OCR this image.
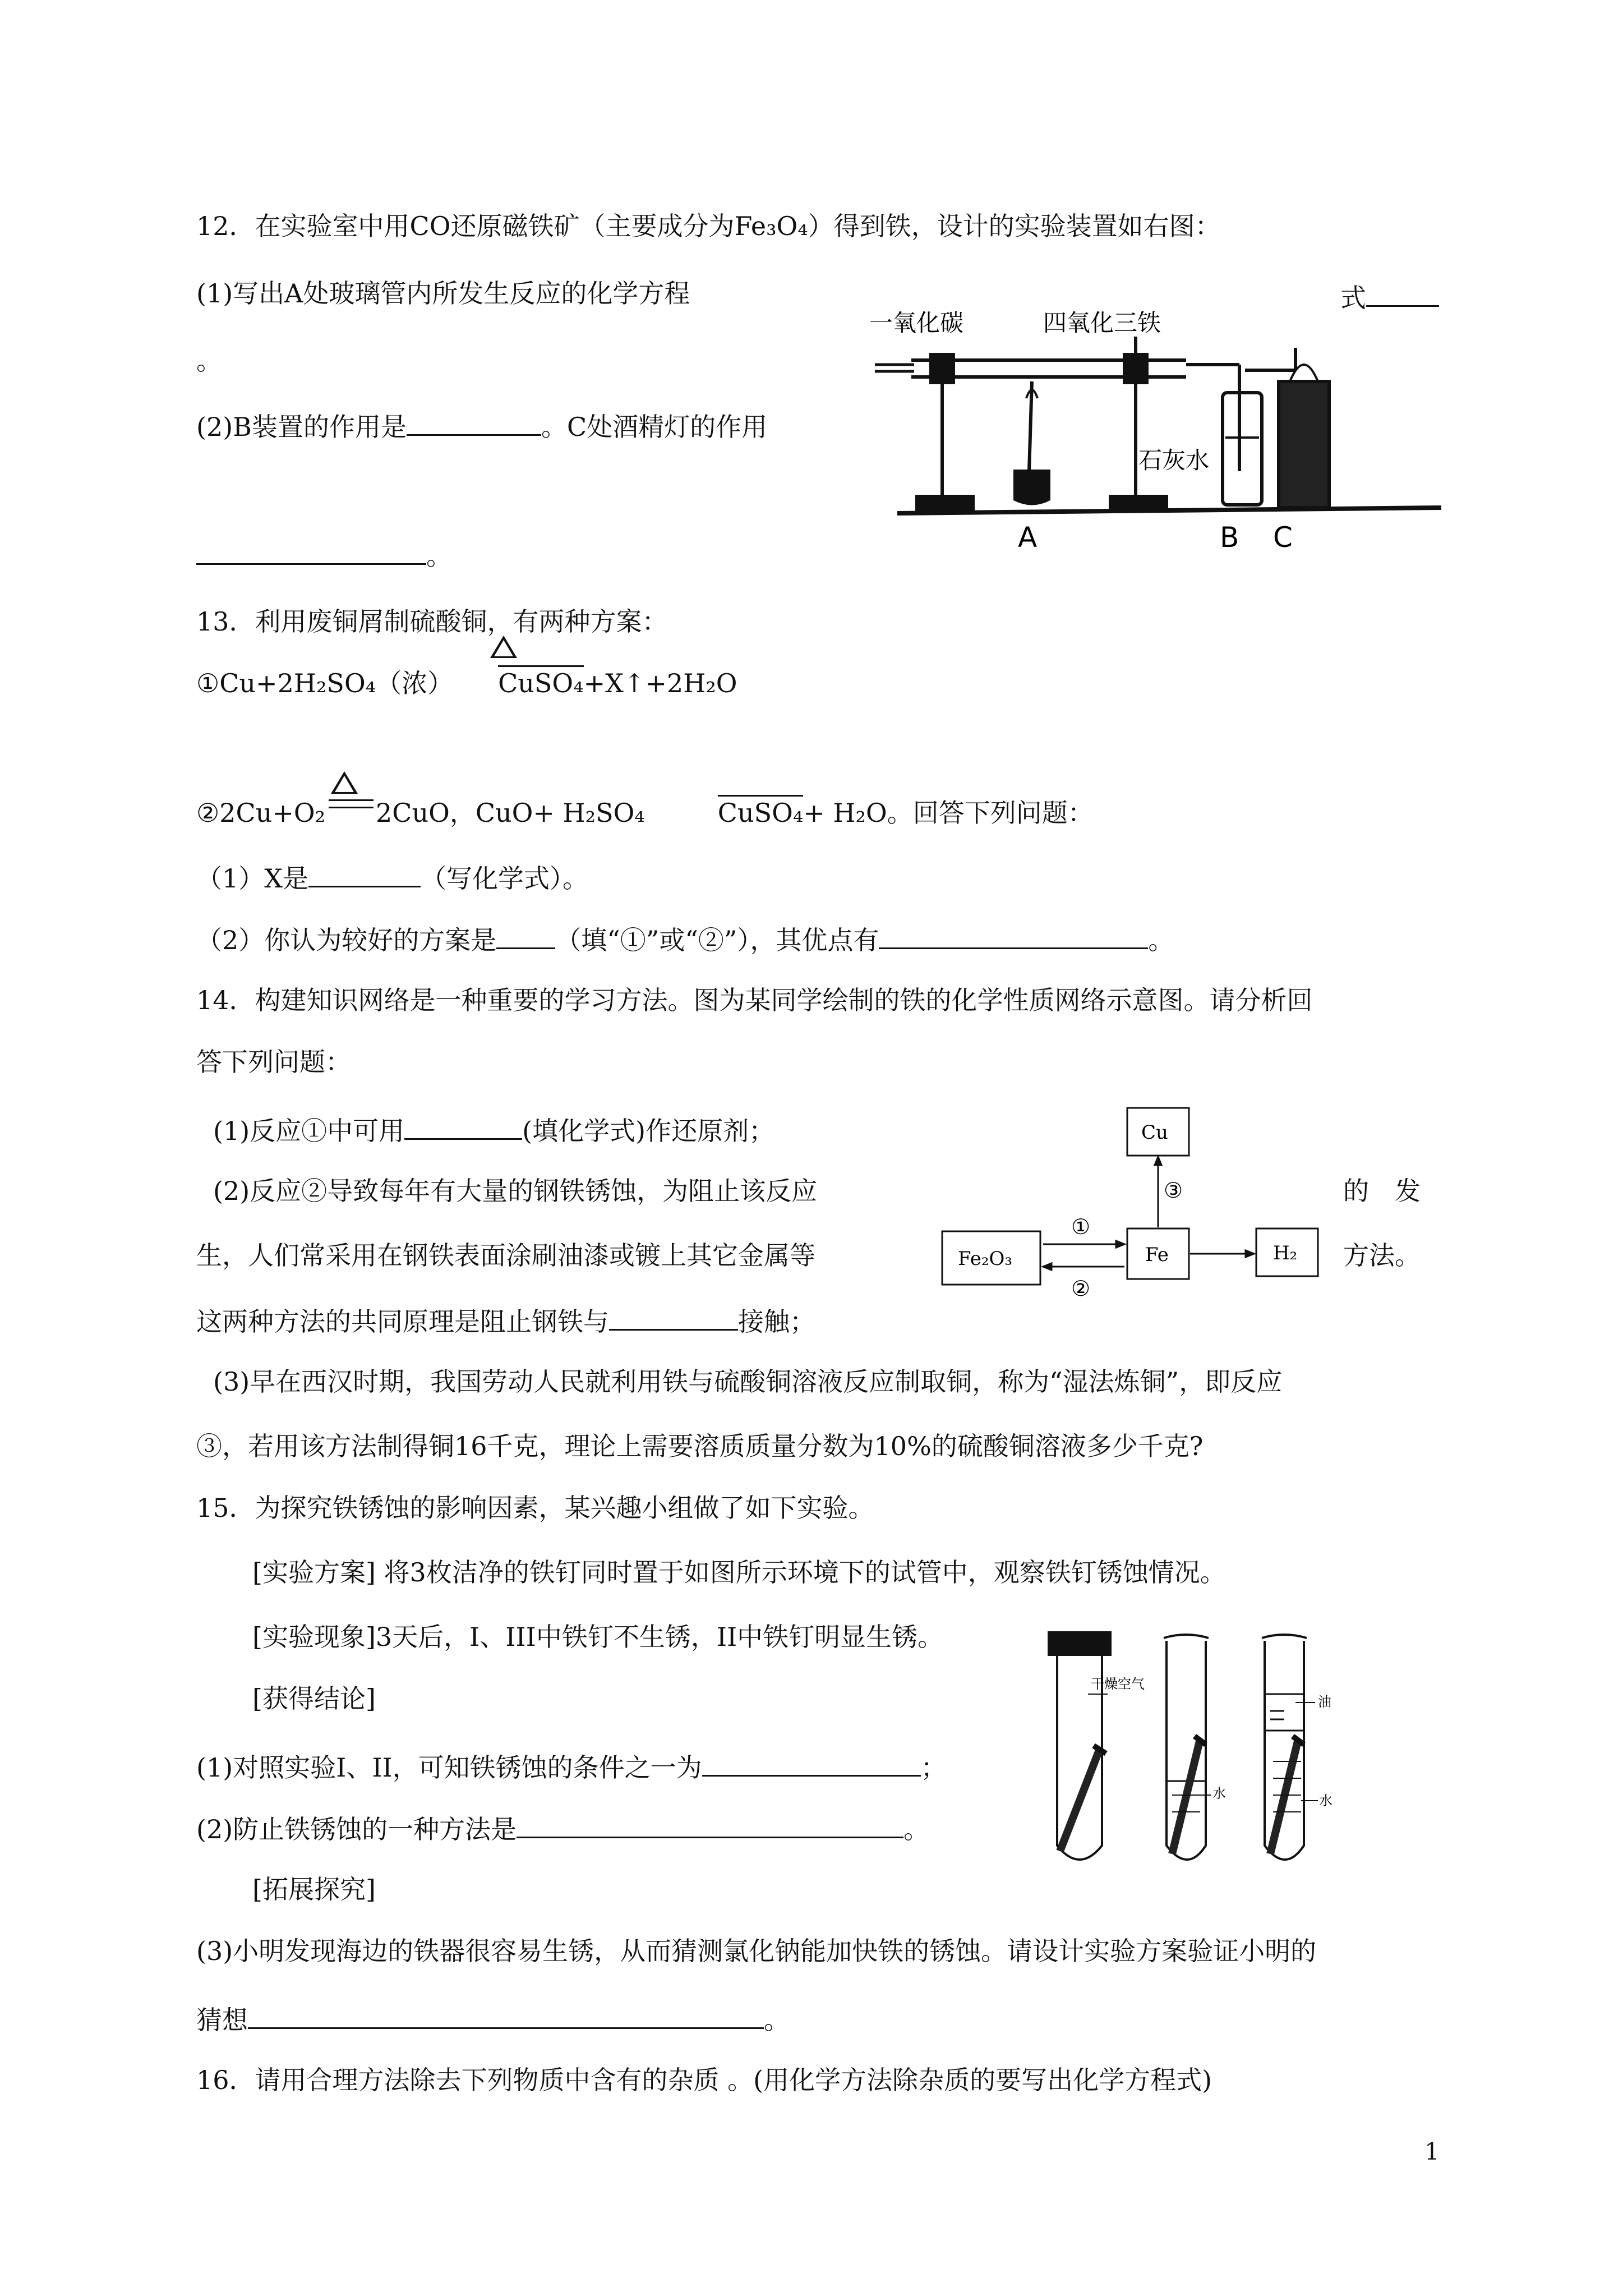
12．在实验室中用CO还原磁铁矿（主要成分为Fe₃O₄）得到铁，设计的实验装置如右图：
(1)写出A处玻璃管内所发生反应的化学方程	式
。
(2)B装置的作用是	。C处酒精灯的作用
。
一氧化碳	四氧化三铁
石灰水
A	B C
13．利用废铜屑制硫酸铜，有两种方案：
①Cu+2H₂SO₄（浓） CuSO₄+X↑+2H₂O
②2Cu+O₂ 2CuO，CuO+ H₂SO₄	CuSO₄+ H₂O。回答下列问题：
（1）X是	（写化学式）。
（2）你认为较好的方案是 （填“①”或“②”），其优点有	。
14．构建知识网络是一种重要的学习方法。图为某同学绘制的铁的化学性质网络示意图。请分析回
答下列问题：
(1)反应①中可用	(填化学式)作还原剂；
(2)反应②导致每年有大量的钢铁锈蚀，为阻止该反应	的　发
生，人们常采用在钢铁表面涂刷油漆或镀上其它金属等	方法。
这两种方法的共同原理是阻止钢铁与	接触；
Cu
Fe
Fe₂O₃	H₂
①
②
③
(3)早在西汉时期，我国劳动人民就利用铁与硫酸铜溶液反应制取铜，称为“湿法炼铜”，即反应
③，若用该方法制得铜16千克，理论上需要溶质质量分数为10%的硫酸铜溶液多少千克?
15．为探究铁锈蚀的影响因素，某兴趣小组做了如下实验。
[实验方案] 将3枚洁净的铁钉同时置于如图所示环境下的试管中，观察铁钉锈蚀情况。
[实验现象]3天后，I、III中铁钉不生锈，II中铁钉明显生锈。
[获得结论]
(1)对照实验I、II，可知铁锈蚀的条件之一为	；
(2)防止铁锈蚀的一种方法是	。
[拓展探究]
(3)小明发现海边的铁器很容易生锈，从而猜测氯化钠能加快铁的锈蚀。请设计实验方案验证小明的
猜想	。
干燥空气
水
油
水
16．请用合理方法除去下列物质中含有的杂质 。(用化学方法除杂质的要写出化学方程式)
1
